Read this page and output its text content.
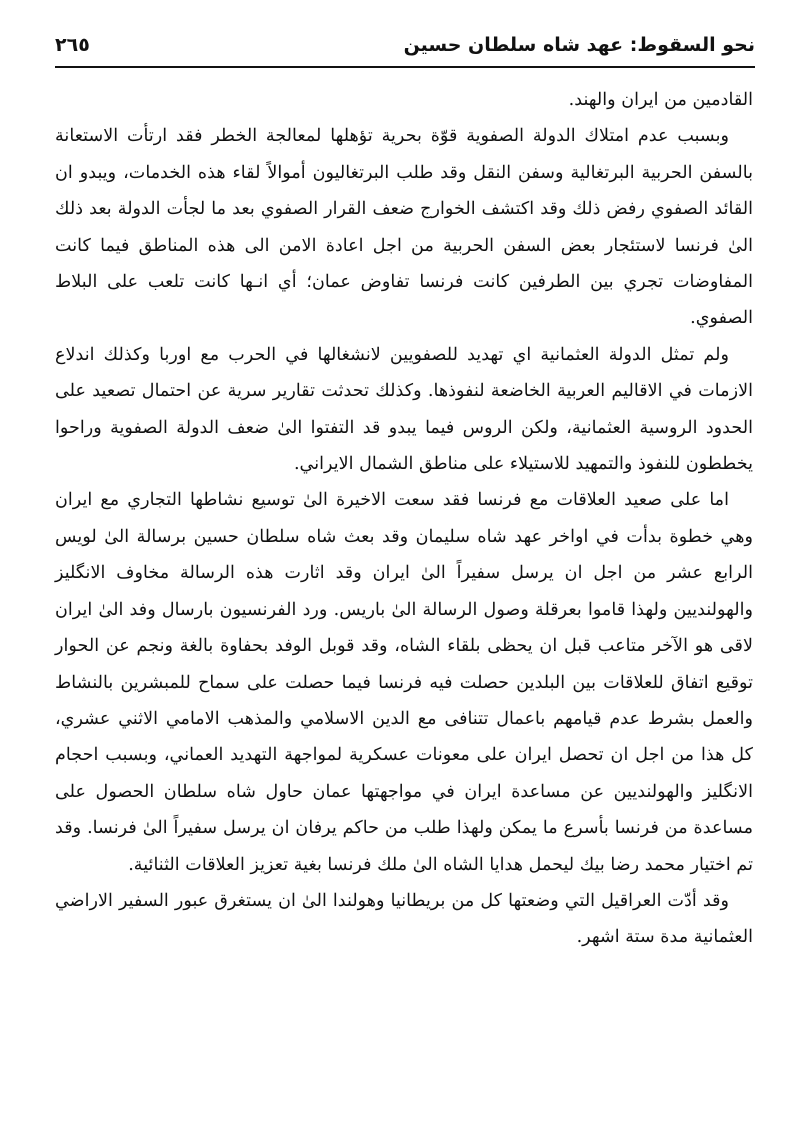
نحو السقوط: عهد شاه سلطان حسين
٢٦٥

القادمين من ايران والهند.

وبسبب عدم امتلاك الدولة الصفوية قوّة بحرية تؤهلها لمعالجة الخطر فقد ارتأت الاستعانة بالسفن الحربية البرتغالية وسفن النقل وقد طلب البرتغاليون أموالاً لقاء هذه الخدمات، ويبدو ان القائد الصفوي رفض ذلك وقد اكتشف الخوارج ضعف القرار الصفوي بعد ما لجأت الدولة بعد ذلك الىٰ فرنسا لاستئجار بعض السفن الحربية من اجل اعادة الامن الى هذه المناطق فيما كانت المفاوضات تجري بين الطرفين كانت فرنسا تفاوض عمان؛ أي انـها كانت تلعب على البلاط الصفوي.

ولم تمثل الدولة العثمانية اي تهديد للصفويين لانشغالها في الحرب مع اوربا وكذلك اندلاع الازمات في الاقاليم العربية الخاضعة لنفوذها. وكذلك تحدثت تقارير سرية عن احتمال تصعيد على الحدود الروسية العثمانية، ولكن الروس فيما يبدو قد التفتوا الىٰ ضعف الدولة الصفوية وراحوا يخططون للنفوذ والتمهيد للاستيلاء على مناطق الشمال الايراني.

اما على صعيد العلاقات مع فرنسا فقد سعت الاخيرة الىٰ توسيع نشاطها التجاري مع ايران وهي خطوة بدأت في اواخر عهد شاه سليمان وقد بعث شاه سلطان حسين برسالة الىٰ لويس الرابع عشر من اجل ان يرسل سفيراً الىٰ ايران وقد اثارت هذه الرسالة مخاوف الانگليز والهولنديين ولهذا قاموا بعرقلة وصول الرسالة الىٰ باريس. ورد الفرنسيون بارسال وفد الىٰ ايران لاقى هو الآخر متاعب قبل ان يحظى بلقاء الشاه، وقد قوبل الوفد بحفاوة بالغة ونجم عن الحوار توقيع اتفاق للعلاقات بين البلدين حصلت فيه فرنسا فيما حصلت على سماح للمبشرين بالنشاط والعمل بشرط عدم قيامهم باعمال تتنافى مع الدين الاسلامي والمذهب الامامي الاثني عشري، كل هذا من اجل ان تحصل ايران على معونات عسكرية لمواجهة التهديد العماني، وبسبب احجام الانگليز والهولنديين عن مساعدة ايران في مواجهتها عمان حاول شاه سلطان الحصول على مساعدة من فرنسا بأسرع ما يمكن ولهذا طلب من حاكم يرفان ان يرسل سفيراً الىٰ فرنسا. وقد تم اختيار محمد رضا بيك ليحمل هدايا الشاه الىٰ ملك فرنسا بغية تعزيز العلاقات الثنائية.

وقد أدّت العراقيل التي وضعتها كل من بريطانيا وهولندا الىٰ ان يستغرق عبور السفير الاراضي العثمانية مدة ستة اشهر.
